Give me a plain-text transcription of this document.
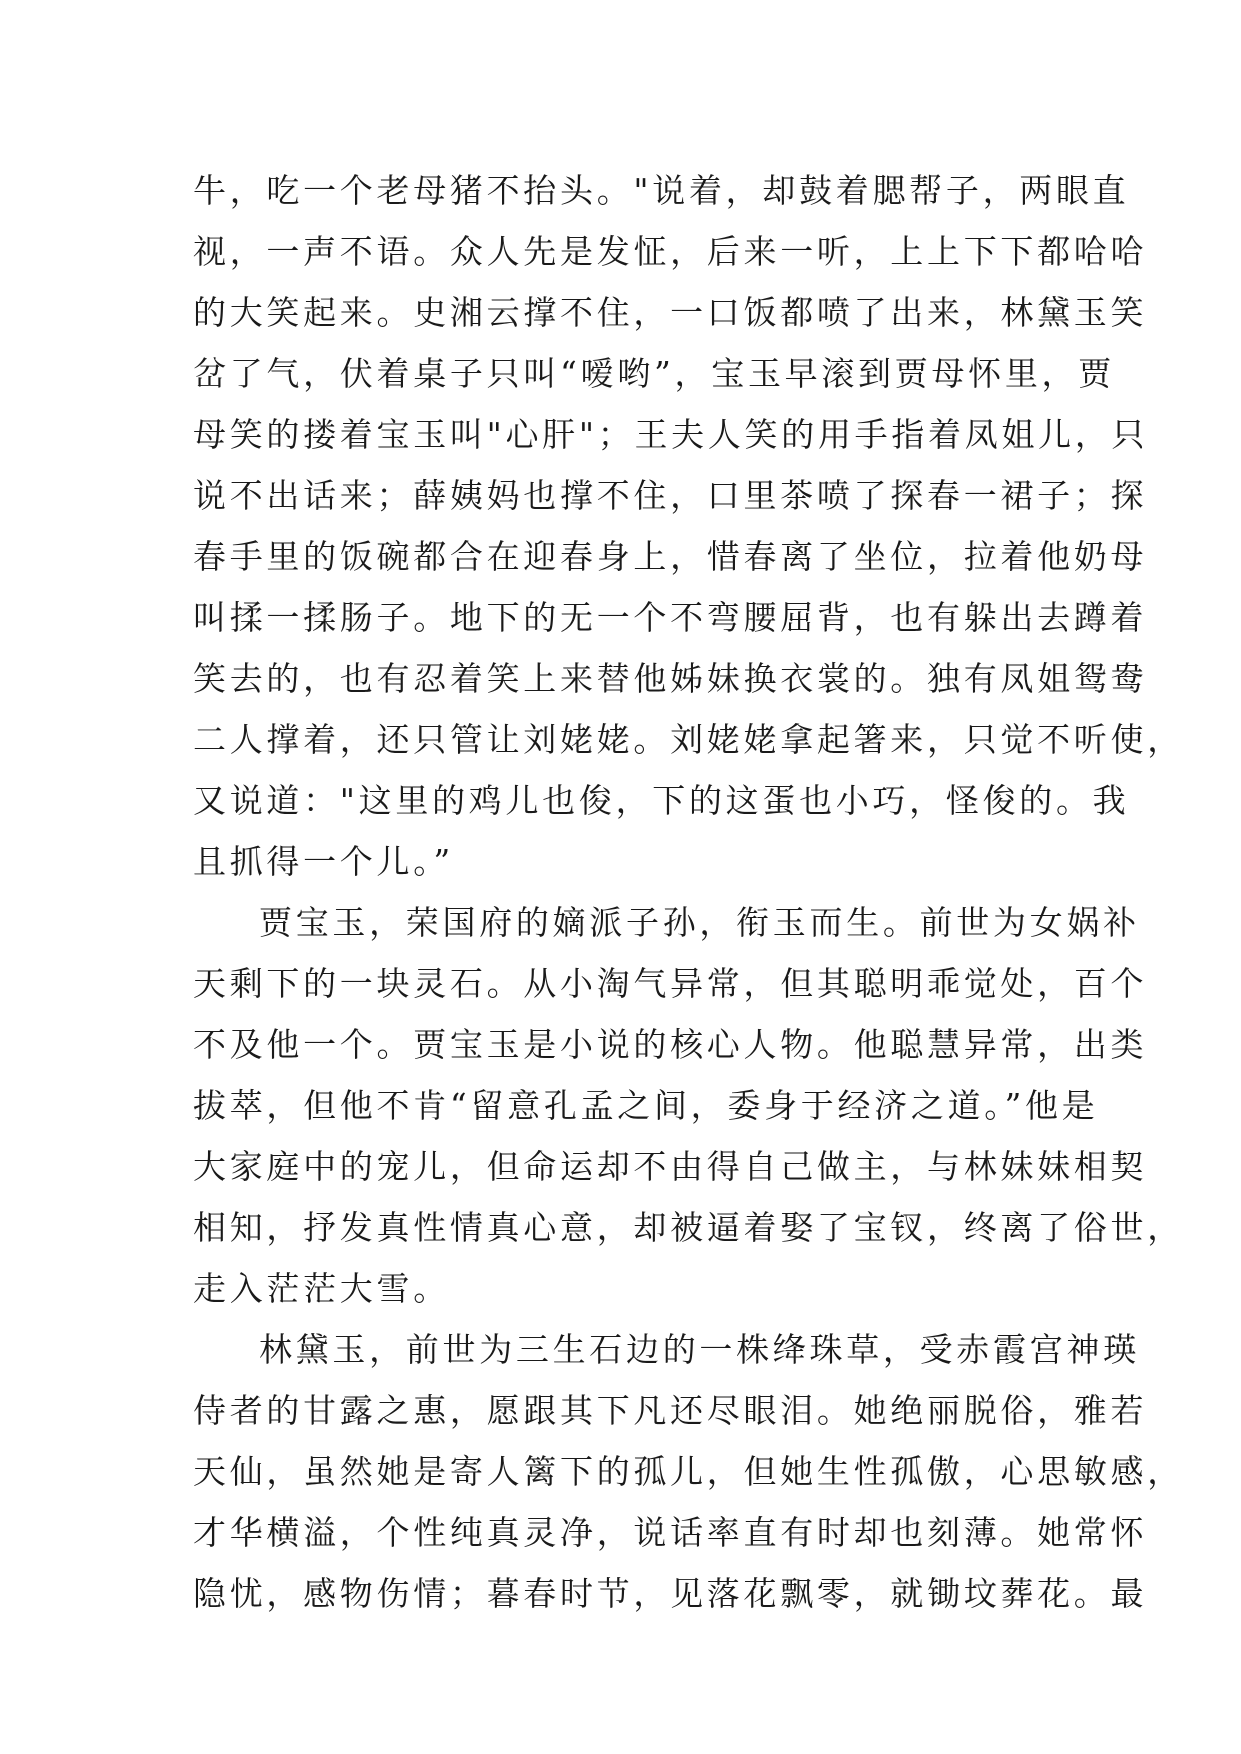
牛，吃一个老母猪不抬头。"说着，却鼓着腮帮子，两眼直
视，一声不语。众人先是发怔，后来一听，上上下下都哈哈
的大笑起来。史湘云撑不住，一口饭都喷了出来，林黛玉笑
岔了气，伏着桌子只叫“嗳哟”，宝玉早滚到贾母怀里，贾
母笑的搂着宝玉叫"心肝"；王夫人笑的用手指着凤姐儿，只
说不出话来；薛姨妈也撑不住，口里茶喷了探春一裙子；探
春手里的饭碗都合在迎春身上，惜春离了坐位，拉着他奶母
叫揉一揉肠子。地下的无一个不弯腰屈背，也有躲出去蹲着
笑去的，也有忍着笑上来替他姊妹换衣裳的。独有凤姐鸳鸯
二人撑着，还只管让刘姥姥。刘姥姥拿起箸来，只觉不听使，
又说道："这里的鸡儿也俊，下的这蛋也小巧，怪俊的。我
且抓得一个儿。”
贾宝玉，荣国府的嫡派子孙，衔玉而生。前世为女娲补
天剩下的一块灵石。从小淘气异常，但其聪明乖觉处，百个
不及他一个。贾宝玉是小说的核心人物。他聪慧异常，出类
拔萃，但他不肯“留意孔孟之间，委身于经济之道。”他是
大家庭中的宠儿，但命运却不由得自己做主，与林妹妹相契
相知，抒发真性情真心意，却被逼着娶了宝钗，终离了俗世，
走入茫茫大雪。
林黛玉，前世为三生石边的一株绛珠草，受赤霞宫神瑛
侍者的甘露之惠，愿跟其下凡还尽眼泪。她绝丽脱俗，雅若
天仙，虽然她是寄人篱下的孤儿，但她生性孤傲，心思敏感，
才华横溢，个性纯真灵净，说话率直有时却也刻薄。她常怀
隐忧，感物伤情；暮春时节，见落花飘零，就锄坟葬花。最
